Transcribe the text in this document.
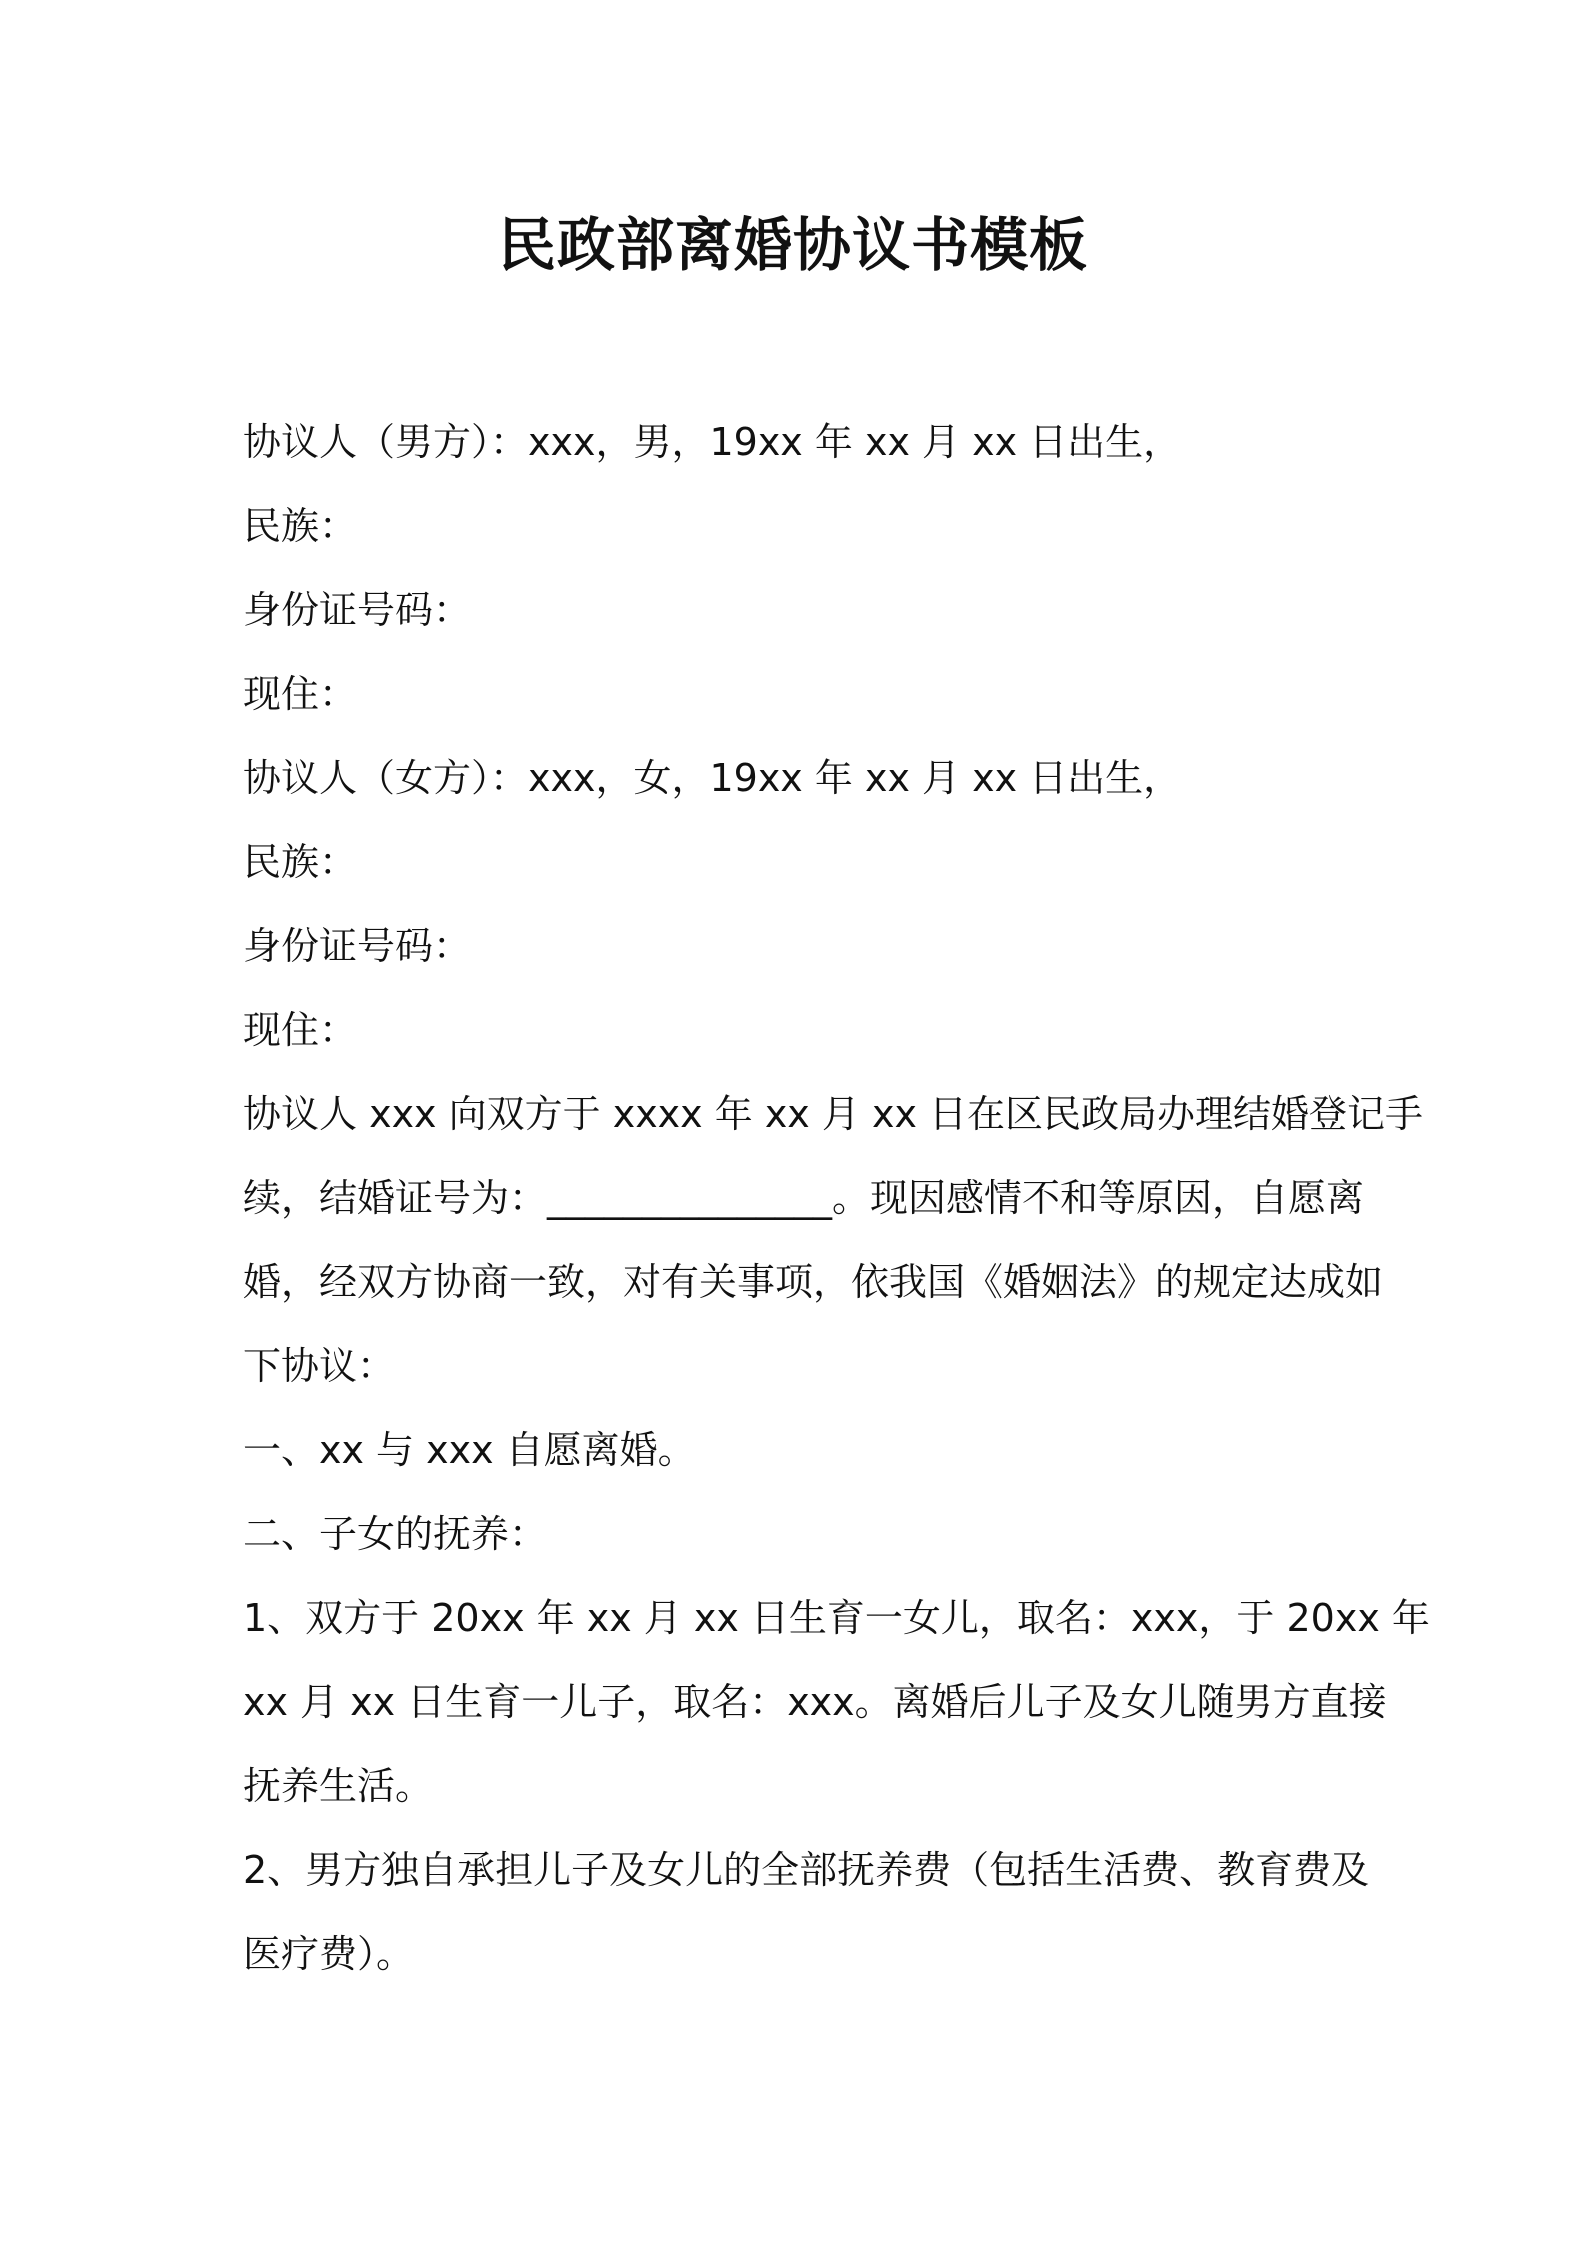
民政部离婚协议书模板
协议人（男方）：xxx，男，19xx 年 xx 月 xx 日出生，
民族：
身份证号码：
现住：
协议人（女方）：xxx，女，19xx 年 xx 月 xx 日出生，
民族：
身份证号码：
现住：
协议人 xxx 向双方于 xxxx 年 xx 月 xx 日在区民政局办理结婚登记手
续，结婚证号为：_______________。现因感情不和等原因，自愿离
婚，经双方协商一致，对有关事项，依我国《婚姻法》的规定达成如
下协议：
一、xx 与 xxx 自愿离婚。
二、子女的抚养：
1、双方于 20xx 年 xx 月 xx 日生育一女儿，取名：xxx，于 20xx 年
xx 月 xx 日生育一儿子，取名：xxx。离婚后儿子及女儿随男方直接
抚养生活。
2、男方独自承担儿子及女儿的全部抚养费（包括生活费、教育费及
医疗费）。
